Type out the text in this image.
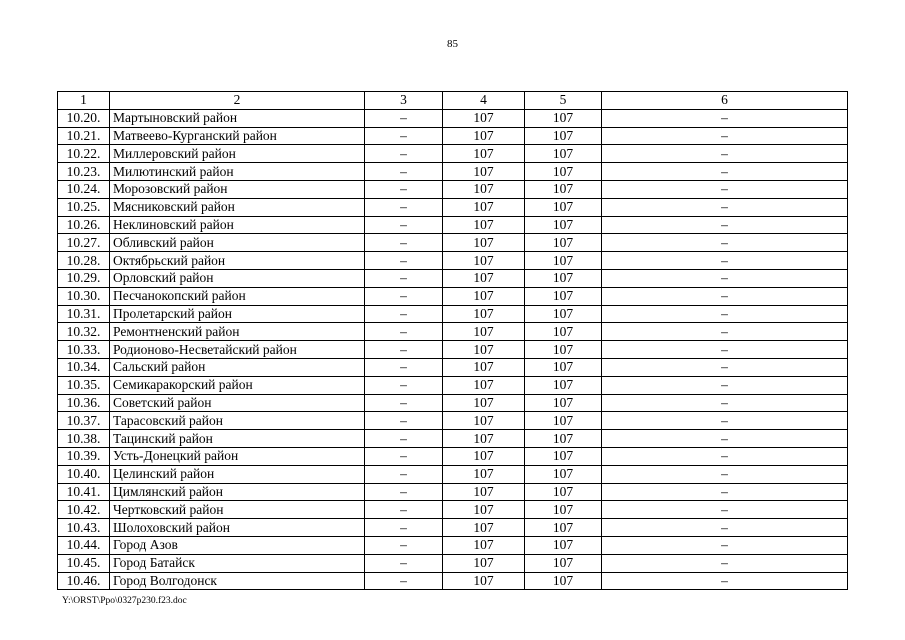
85
1	2	3	4	5	6
10.20.	Мартыновский район	–	107	107	–
10.21.	Матвеево-Курганский район	–	107	107	–
10.22.	Миллеровский район	–	107	107	–
10.23.	Милютинский район	–	107	107	–
10.24.	Морозовский район	–	107	107	–
10.25.	Мясниковский район	–	107	107	–
10.26.	Неклиновский район	–	107	107	–
10.27.	Обливский район	–	107	107	–
10.28.	Октябрьский район	–	107	107	–
10.29.	Орловский район	–	107	107	–
10.30.	Песчанокопский район	–	107	107	–
10.31.	Пролетарский район	–	107	107	–
10.32.	Ремонтненский район	–	107	107	–
10.33.	Родионово-Несветайский район	–	107	107	–
10.34.	Сальский район	–	107	107	–
10.35.	Семикаракорский район	–	107	107	–
10.36.	Советский район	–	107	107	–
10.37.	Тарасовский район	–	107	107	–
10.38.	Тацинский район	–	107	107	–
10.39.	Усть-Донецкий район	–	107	107	–
10.40.	Целинский район	–	107	107	–
10.41.	Цимлянский район	–	107	107	–
10.42.	Чертковский район	–	107	107	–
10.43.	Шолоховский район	–	107	107	–
10.44.	Город Азов	–	107	107	–
10.45.	Город Батайск	–	107	107	–
10.46.	Город Волгодонск	–	107	107	–
Y:\ORST\Ppo\0327p230.f23.doc
